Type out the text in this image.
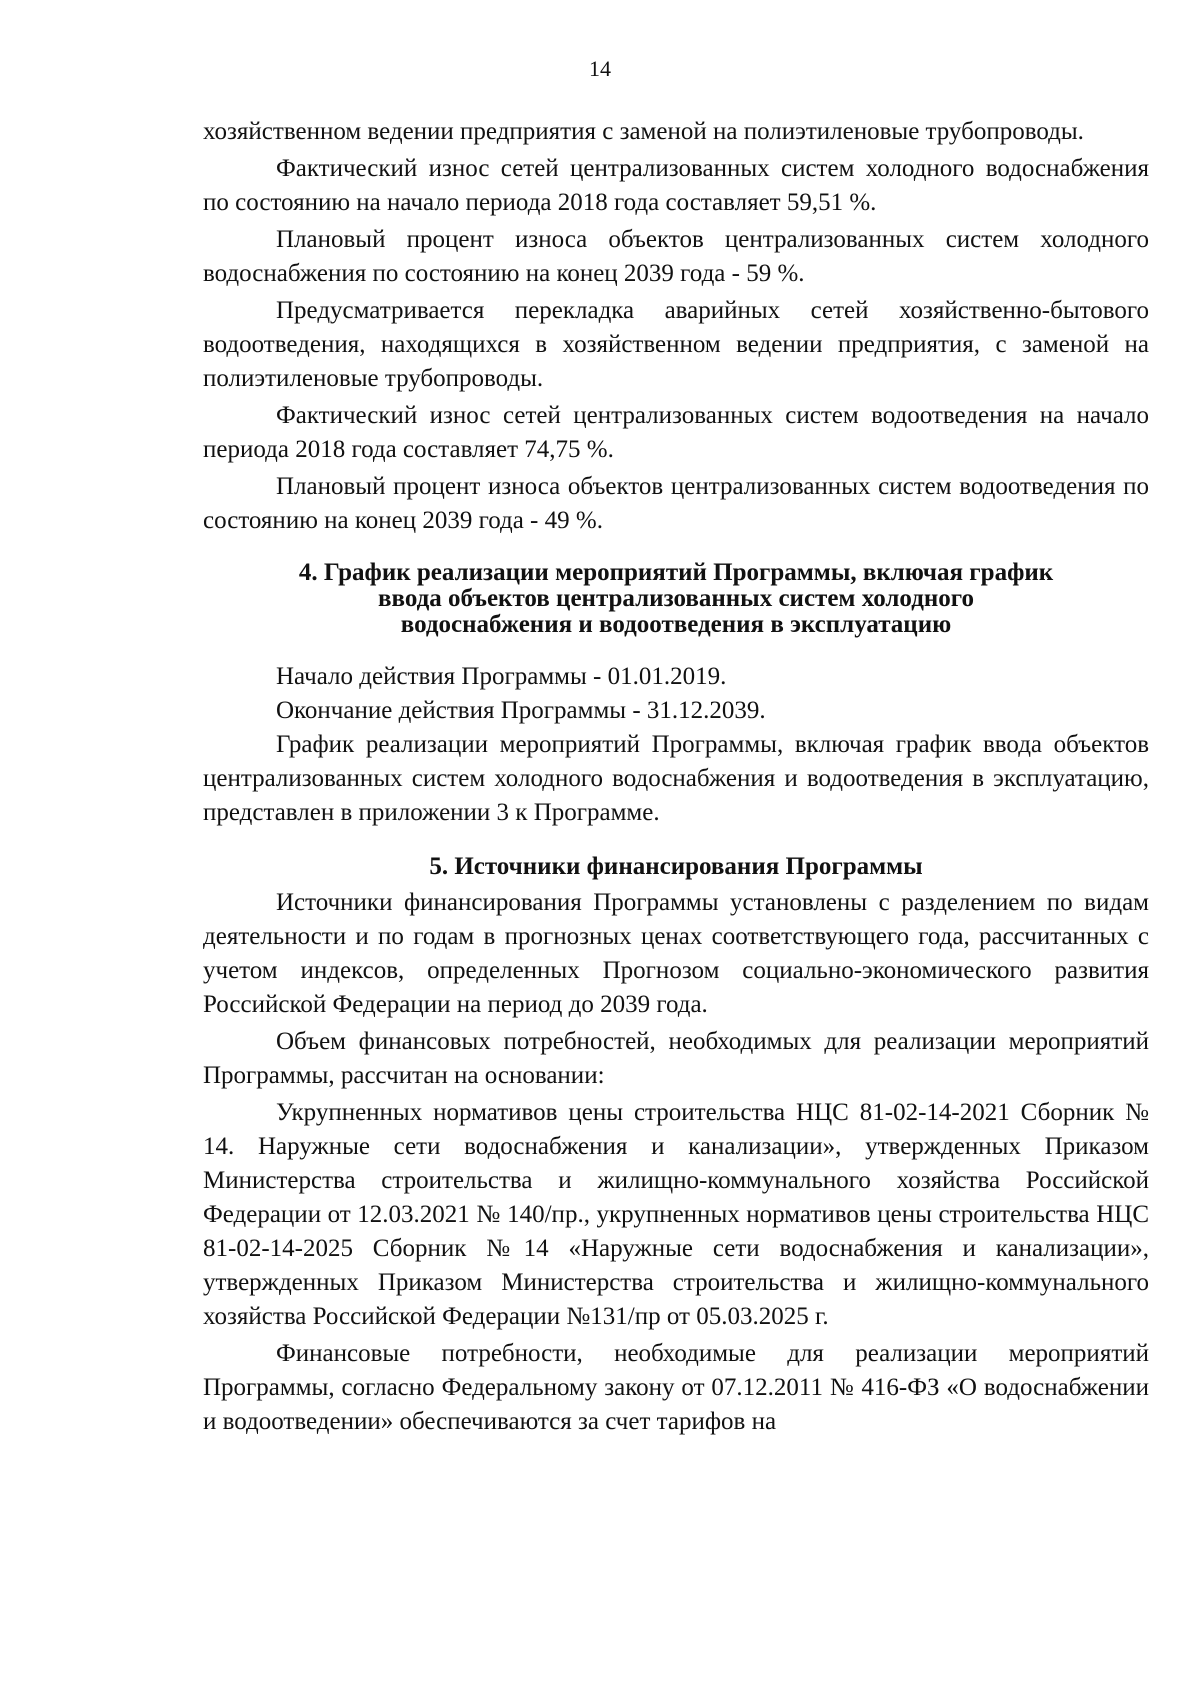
14

хозяйственном ведении предприятия с заменой на полиэтиленовые трубопроводы.

Фактический износ сетей централизованных систем холодного водоснабжения по состоянию на начало периода 2018 года составляет 59,51 %.

Плановый процент износа объектов централизованных систем холодного водоснабжения по состоянию на конец 2039 года - 59 %.

Предусматривается перекладка аварийных сетей хозяйственно-бытового водоотведения, находящихся в хозяйственном ведении предприятия, с заменой на полиэтиленовые трубопроводы.

Фактический износ сетей централизованных систем водоотведения на начало периода 2018 года составляет 74,75 %.

Плановый процент износа объектов централизованных систем водоотведения по состоянию на конец 2039 года - 49 %.

4. График реализации мероприятий Программы, включая график
ввода объектов централизованных систем холодного
водоснабжения и водоотведения в эксплуатацию

Начало действия Программы - 01.01.2019.

Окончание действия Программы - 31.12.2039.

График реализации мероприятий Программы, включая график ввода объектов централизованных систем холодного водоснабжения и водоотведения в эксплуатацию, представлен в приложении 3 к Программе.

5. Источники финансирования Программы

Источники финансирования Программы установлены с разделением по видам деятельности и по годам в прогнозных ценах соответствующего года, рассчитанных с учетом индексов, определенных Прогнозом социально-экономического развития Российской Федерации на период до 2039 года.

Объем финансовых потребностей, необходимых для реализации мероприятий Программы, рассчитан на основании:

Укрупненных нормативов цены строительства НЦС 81-02-14-2021 Сборник № 14. Наружные сети водоснабжения и канализации», утвержденных Приказом Министерства строительства и жилищно-коммунального хозяйства Российской Федерации от 12.03.2021 № 140/пр., укрупненных нормативов цены строительства НЦС 81-02-14-2025 Сборник №14 «Наружные сети водоснабжения и канализации», утвержденных Приказом Министерства строительства и жилищно-коммунального хозяйства Российской Федерации №131/пр от 05.03.2025 г.

Финансовые потребности, необходимые для реализации мероприятий Программы, согласно Федеральному закону от 07.12.2011 № 416-ФЗ «О водоснабжении и водоотведении» обеспечиваются за счет тарифов на
